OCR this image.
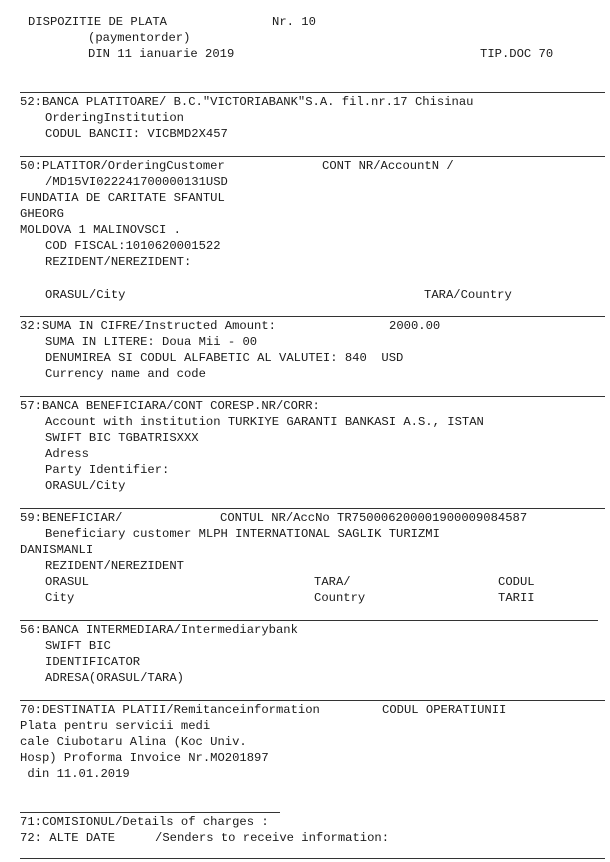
DISPOZITIE DE PLATA	Nr. 10
(paymentorder)
DIN 11 ianuarie 2019	TIP.DOC 70
52:BANCA PLATITOARE/ B.C."VICTORIABANK"S.A. fil.nr.17 Chisinau
OrderingInstitution
CODUL BANCII: VICBMD2X457
50:PLATITOR/OrderingCustomer	CONT NR/AccountN /
/MD15VI022241700000131USD
FUNDATIA DE CARITATE SFANTUL
GHEORG
MOLDOVA 1 MALINOVSCI .
COD FISCAL:1010620001522
REZIDENT/NEREZIDENT:
ORASUL/City	TARA/Country
32:SUMA IN CIFRE/Instructed Amount:	2000.00
SUMA IN LITERE: Doua Mii - 00
DENUMIREA SI CODUL ALFABETIC AL VALUTEI: 840  USD
Currency name and code
57:BANCA BENEFICIARA/CONT CORESP.NR/CORR:
Account with institution TURKIYE GARANTI BANKASI A.S., ISTAN
SWIFT BIC TGBATRISXXX
Adress
Party Identifier:
ORASUL/City
59:BENEFICIAR/	CONTUL NR/AccNo TR750006200001900009084587
Beneficiary customer MLPH INTERNATIONAL SAGLIK TURIZMI
DANISMANLI
REZIDENT/NEREZIDENT
ORASUL	TARA/	CODUL
City	Country	TARII
56:BANCA INTERMEDIARA/Intermediarybank
SWIFT BIC
IDENTIFICATOR
ADRESA(ORASUL/TARA)
70:DESTINATIA PLATII/Remitanceinformation	CODUL OPERATIUNII
Plata pentru servicii medi
cale Ciubotaru Alina (Koc Univ.
Hosp) Proforma Invoice Nr.MO201897
din 11.01.2019
71:COMISIONUL/Details of charges :
72: ALTE DATE	/Senders to receive information:
